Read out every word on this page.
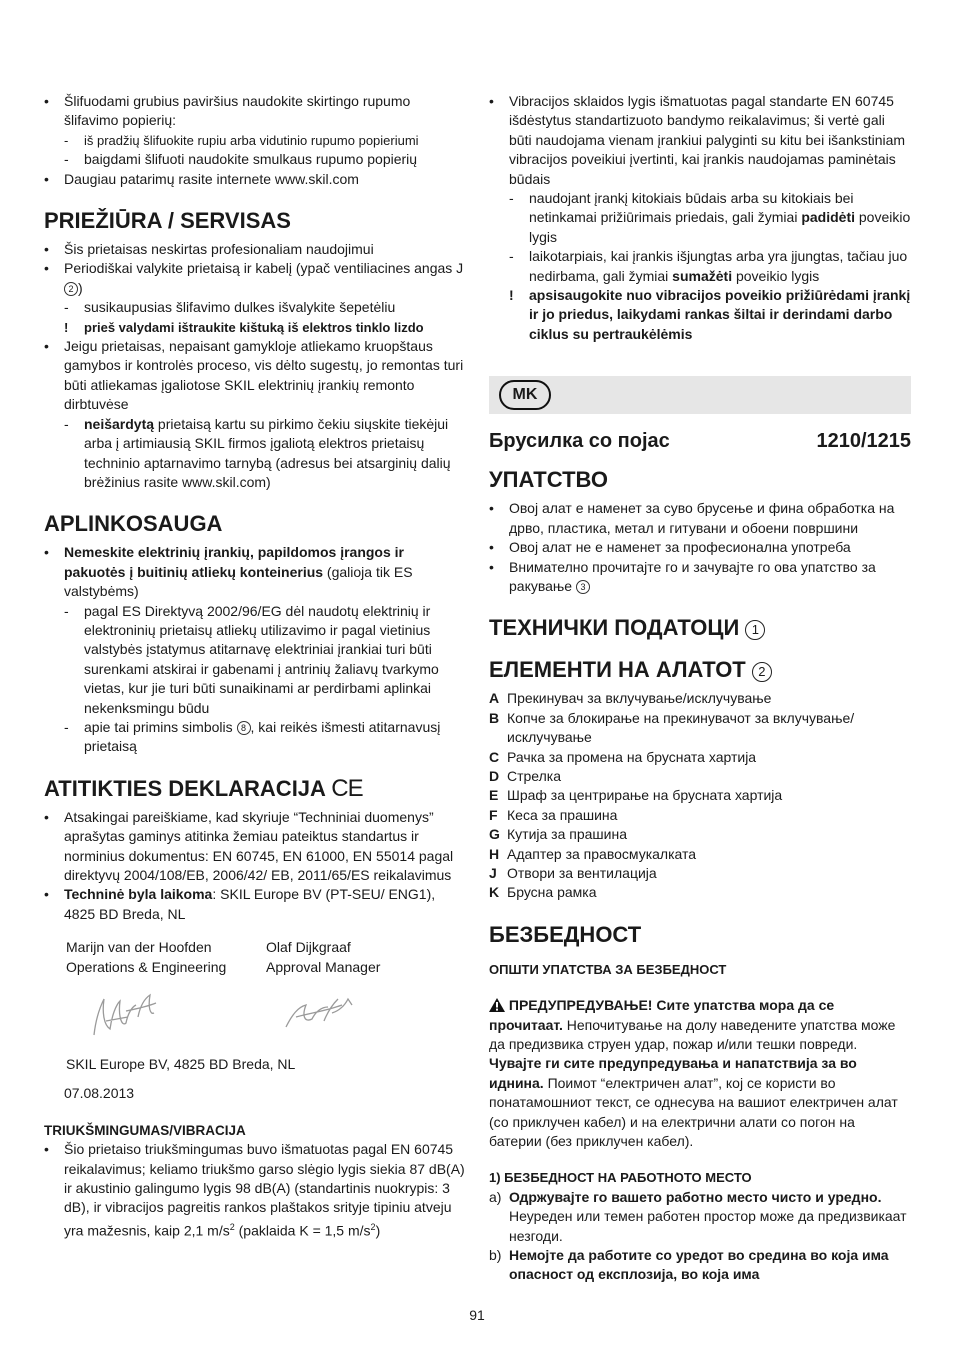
• Šlifuodami grubius paviršius naudokite skirtingo rupumo šlifavimo popierių:

- iš pradžių šlifuokite rupiu arba vidutinio rupumo popieriumi

- baigdami šlifuoti naudokite smulkaus rupumo popierių

• Daugiau patarimų rasite internete www.skil.com

PRIEŽIŪRA / SERVISAS

• Šis prietaisas neskirtas profesionaliam naudojimui

• Periodiškai valykite prietaisą ir kabelį (ypač ventiliacines angas J 2 )

- susikaupusias šlifavimo dulkes išvalykite šepetėliu

! prieš valydami ištraukite kištuką iš elektros tinklo lizdo

• Jeigu prietaisas, nepaisant gamykloje atliekamo kruopštaus gamybos ir kontrolės proceso, vis dėlto sugestų, jo remontas turi būti atliekamas įgaliotose SKIL elektrinių įrankių remonto dirbtuvėse

- neišardytą prietaisą kartu su pirkimo čekiu siųskite tiekėjui arba į artimiausią SKIL firmos įgaliotą elektros prietaisų techninio aptarnavimo tarnybą (adresus bei atsarginių dalių brėžinius rasite www.skil.com)

APLINKOSAUGA

• Nemeskite elektrinių įrankių, papildomos įrangos ir pakuotės į buitinių atliekų konteinerius (galioja tik ES valstybėms)

- pagal ES Direktyvą 2002/96/EG dėl naudotų elektrinių ir elektroninių prietaisų atliekų utilizavimo ir pagal vietinius valstybės įstatymus atitarnavę elektriniai įrankiai turi būti surenkami atskirai ir gabenami į antrinių žaliavų tvarkymo vietas, kur jie turi būti sunaikinami ar perdirbami aplinkai nekenksmingu būdu

- apie tai primins simbolis 8 , kai reikės išmesti atitarnavusį prietaisą

ATITIKTIES DEKLARACIJA CE

• Atsakingai pareiškiame, kad skyriuje “Techniniai duomenys” aprašytas gaminys atitinka žemiau pateiktus standartus ir norminius dokumentus: EN 60745, EN 61000, EN 55014 pagal direktyvų 2004/108/EB, 2006/42/ EB, 2011/65/ES reikalavimus

• Techninė byla laikoma: SKIL Europe BV (PT-SEU/ ENG1), 4825 BD Breda, NL

Marijn van der Hoofden
Operations & Engineering
Olaf Dijkgraaf
Approval Manager
SKIL Europe BV, 4825 BD Breda, NL
07.08.2013

TRIUKŠMINGUMAS/VIBRACIJA

• Šio prietaiso triukšmingumas buvo išmatuotas pagal EN 60745 reikalavimus; keliamo triukšmo garso slėgio lygis siekia 87 dB(A) ir akustinio galingumo lygis 98 dB(A) (standartinis nuokrypis: 3 dB), ir vibracijos pagreitis rankos plaštakos srityje tipiniu atveju yra mažesnis, kaip 2,1 $m/s^2$ (paklaida K = 1,5 $m/s^2$)

• Vibracijos sklaidos lygis išmatuotas pagal standarte EN 60745 išdėstytus standartizuoto bandymo reikalavimus; ši vertė gali būti naudojama vienam įrankiui palyginti su kitu bei išankstiniam vibracijos poveikiui įvertinti, kai įrankis naudojamas paminėtais būdais

- naudojant įrankį kitokiais būdais arba su kitokiais bei netinkamai prižiūrimais priedais, gali žymiai padidėti poveikio lygis

- laikotarpiais, kai įrankis išjungtas arba yra įjungtas, tačiau juo nedirbama, gali žymiai sumažėti poveikio lygis

! apsisaugokite nuo vibracijos poveikio prižiūrėdami įrankį ir jo priedus, laikydami rankas šiltai ir derindami darbo ciklus su pertraukėlėmis

MK
Брусилка со појас	1210/1215
УПАТСТВО

• Овој алат е наменет за суво брусење и фина обработка на дрво, пластика, метал и гитувани и обоени површини

• Овој алат не е наменет за професионална употреба

• Внимателно прочитајте го и зачувајте го ова упатство за ракување 3

ТЕХНИЧКИ ПОДАТОЦИ 1
ЕЛЕМЕНТИ НА АЛАТОТ 2
A Прекинувач за вклучување/исклучување
B Копче за блокирање на прекинувачот за вклучување/ исклучување
C Рачка за промена на брусната хартија
D Стрелка
E Шраф за центрирање на брусната хартија
F Кеса за прашина
G Кутија за прашина
H Адаптер за правосмукалката
J Отвори за вентилација
K Брусна рамка
БЕЗБЕДНОСТ

ОПШТИ УПАТСТВА ЗА БЕЗБЕДНОСТ

ПРЕДУПРЕДУВАЊЕ! Сите упатства мора да се прочитаат. Непочитување на долу наведените упатства може да предизвика струен удар, пожар и/или тешки повреди. Чувајте ги сите предупредувања и напатствија за во иднина. Поимот “електричен алат”, кој се користи во понатамошниот текст, се однесува на вашиот електричен алат (со приклучен кабел) и на електрични алати со погон на батерии (без приклучен кабел).

1) БЕЗБЕДНОСТ НА РАБОТНОТО МЕСТО

a) Одржувајте го вашето работно место чисто и уредно. Неуреден или темен работен простор може да предизвикаат незгоди.

b) Немојте да работите со уредот во средина во која има опасност од експлозија, во која има

91
